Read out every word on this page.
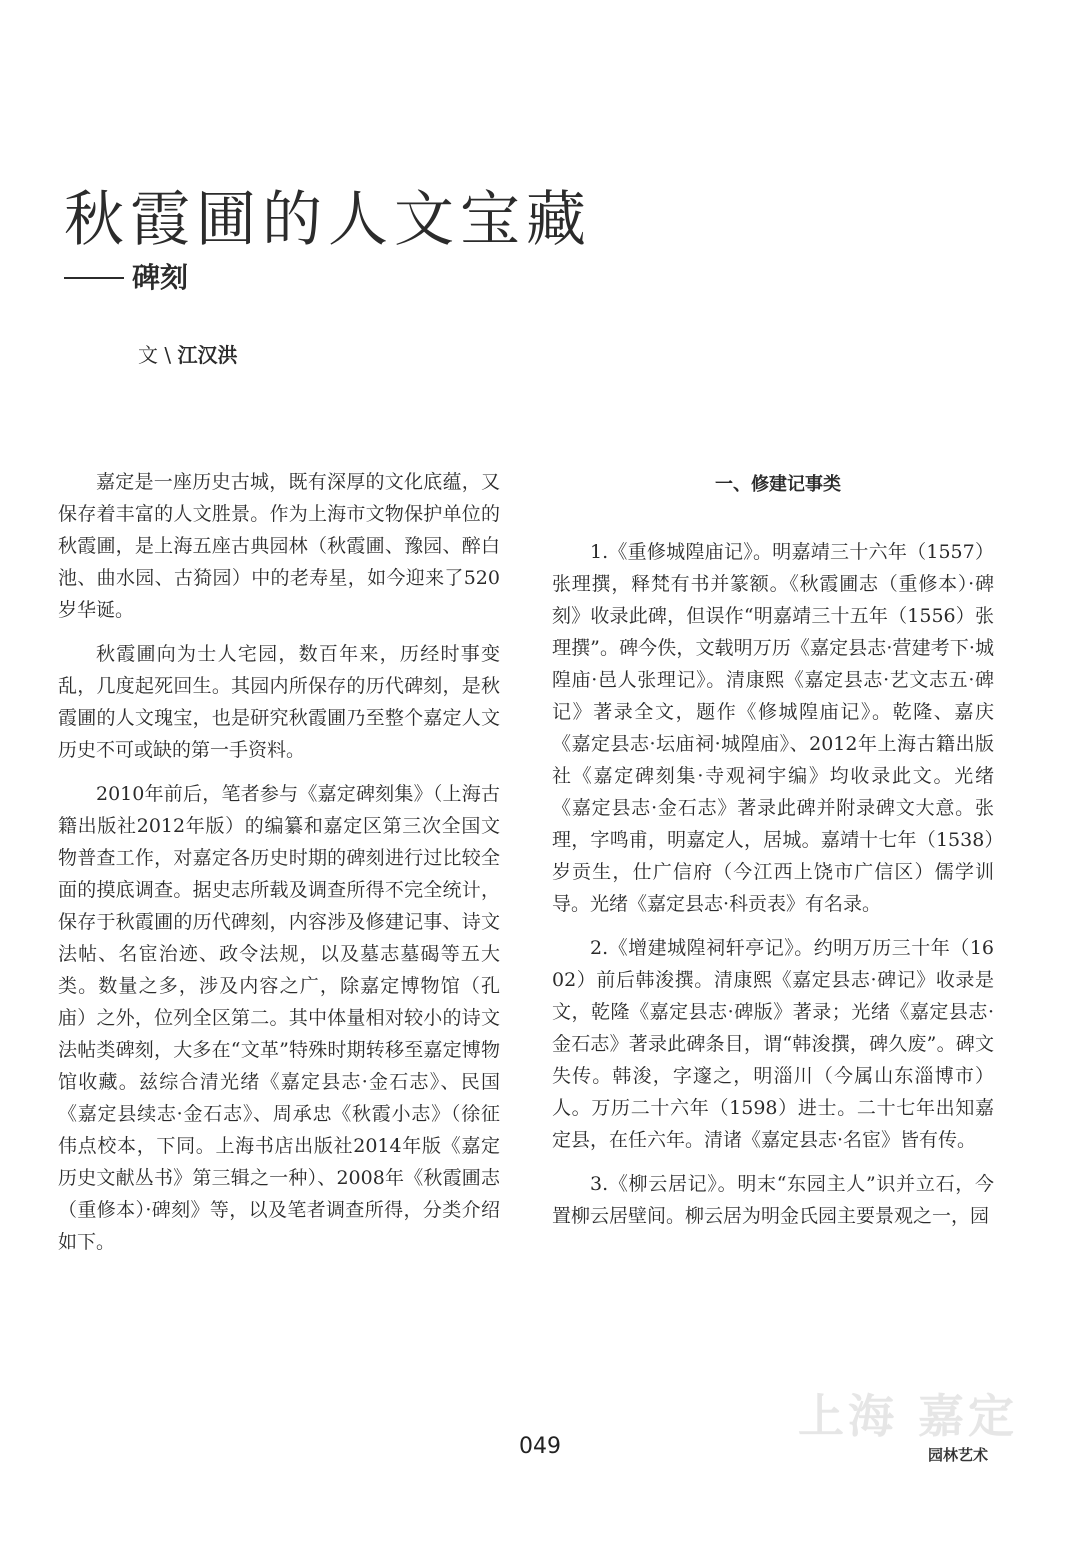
秋霞圃的人文宝藏
碑刻
文 \ 江汉洪

嘉定是一座历史古城，既有深厚的文化底蕴，又保存着丰富的人文胜景。作为上海市文物保护单位的秋霞圃，是上海五座古典园林（秋霞圃、豫园、醉白池、曲水园、古猗园）中的老寿星，如今迎来了520岁华诞。

秋霞圃向为士人宅园，数百年来，历经时事变乱，几度起死回生。其园内所保存的历代碑刻，是秋霞圃的人文瑰宝，也是研究秋霞圃乃至整个嘉定人文历史不可或缺的第一手资料。

2010年前后，笔者参与《嘉定碑刻集》（上海古籍出版社2012年版）的编纂和嘉定区第三次全国文物普查工作，对嘉定各历史时期的碑刻进行过比较全面的摸底调查。据史志所载及调查所得不完全统计，保存于秋霞圃的历代碑刻，内容涉及修建记事、诗文法帖、名宦治迹、政令法规，以及墓志墓碣等五大类。数量之多，涉及内容之广，除嘉定博物馆（孔庙）之外，位列全区第二。其中体量相对较小的诗文法帖类碑刻，大多在“文革”特殊时期转移至嘉定博物馆收藏。兹综合清光绪《嘉定县志·金石志》、民国《嘉定县续志·金石志》、周承忠《秋霞小志》（徐征伟点校本，下同。上海书店出版社2014年版《嘉定历史文献丛书》第三辑之一种）、2008年《秋霞圃志（重修本）·碑刻》等，以及笔者调查所得，分类介绍如下。

一、修建记事类

1.《重修城隍庙记》。明嘉靖三十六年（1557）张理撰，释梵有书并篆额。《秋霞圃志（重修本）·碑刻》收录此碑，但误作“明嘉靖三十五年（1556）张理撰”。碑今佚，文载明万历《嘉定县志·营建考下·城隍庙·邑人张理记》。清康熙《嘉定县志·艺文志五·碑记》著录全文，题作《修城隍庙记》。乾隆、嘉庆《嘉定县志·坛庙祠·城隍庙》、2012年上海古籍出版社《嘉定碑刻集·寺观祠宇编》均收录此文。光绪《嘉定县志·金石志》著录此碑并附录碑文大意。张理，字鸣甫，明嘉定人，居城。嘉靖十七年（1538）岁贡生，仕广信府（今江西上饶市广信区）儒学训导。光绪《嘉定县志·科贡表》有名录。

2.《增建城隍祠轩亭记》。约明万历三十年（1602）前后韩浚撰。清康熙《嘉定县志·碑记》收录是文，乾隆《嘉定县志·碑版》著录；光绪《嘉定县志·金石志》著录此碑条目，谓“韩浚撰，碑久废”。碑文失传。韩浚，字邃之，明淄川（今属山东淄博市）人。万历二十六年（1598）进士。二十七年出知嘉定县，在任六年。清诸《嘉定县志·名宦》皆有传。

3.《柳云居记》。明末“东园主人”识并立石，今置柳云居壁间。柳云居为明金氏园主要景观之一，园

上海 嘉定
049	园林艺术
